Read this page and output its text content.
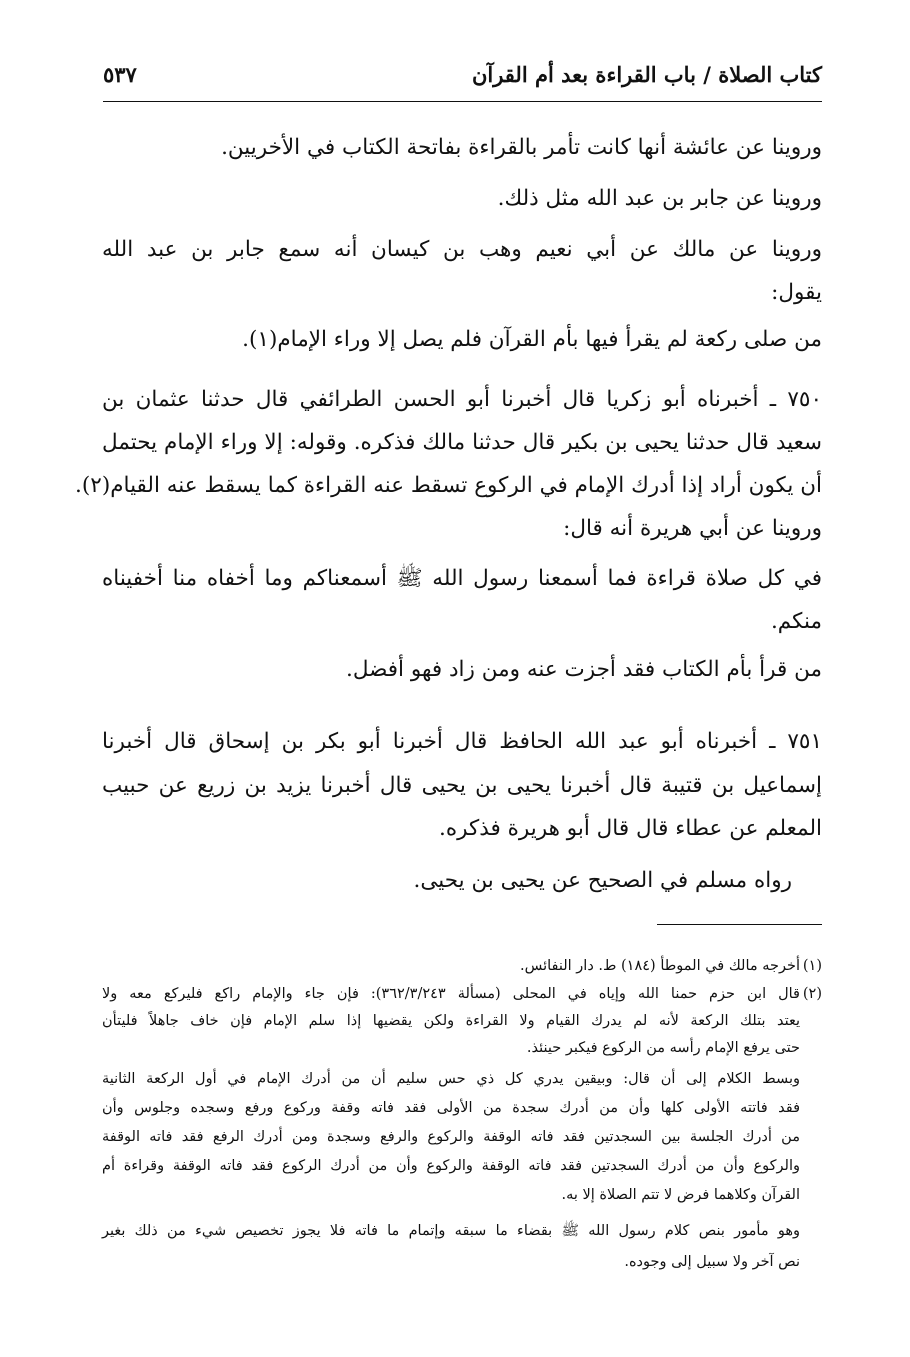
كتاب الصلاة / باب القراءة بعد أم القرآن
٥٣٧
وروينا عن عائشة أنها كانت تأمر بالقراءة بفاتحة الكتاب في الأخريين.
وروينا عن جابر بن عبد الله مثل ذلك.
وروينا عن مالك عن أبي نعيم وهب بن كيسان أنه سمع جابر بن عبد الله
يقول:
من صلى ركعة لم يقرأ فيها بأم القرآن فلم يصل إلا وراء الإمام(١).
٧٥٠ ـ أخبرناه أبو زكريا قال أخبرنا أبو الحسن الطرائفي قال حدثنا عثمان بن
سعيد قال حدثنا يحيى بن بكير قال حدثنا مالك فذكره. وقوله: إلا وراء الإمام يحتمل
أن يكون أراد إذا أدرك الإمام في الركوع تسقط عنه القراءة كما يسقط عنه القيام(٢).
وروينا عن أبي هريرة أنه قال:
في كل صلاة قراءة فما أسمعنا رسول الله ﷺ أسمعناكم وما أخفاه منا أخفيناه
منكم.
من قرأ بأم الكتاب فقد أجزت عنه ومن زاد فهو أفضل.
٧٥١ ـ أخبرناه أبو عبد الله الحافظ قال أخبرنا أبو بكر بن إسحاق قال أخبرنا
إسماعيل بن قتيبة قال أخبرنا يحيى بن يحيى قال أخبرنا يزيد بن زريع عن حبيب
المعلم عن عطاء قال قال أبو هريرة فذكره.
رواه مسلم في الصحيح عن يحيى بن يحيى.
(١)
أخرجه مالك في الموطأ (١٨٤) ط. دار النفائس.
(٢)
قال ابن حزم حمنا الله وإياه في المحلى (مسألة ٣٦٢/٣/٢٤٣): فإن جاء والإمام راكع فليركع معه ولا
يعتد بتلك الركعة لأنه لم يدرك القيام ولا القراءة ولكن يقضيها إذا سلم الإمام فإن خاف جاهلاً فليتأن
حتى يرفع الإمام رأسه من الركوع فيكبر حينئذ.
وبسط الكلام إلى أن قال: وبيقين يدري كل ذي حس سليم أن من أدرك الإمام في أول الركعة الثانية
فقد فاتته الأولى كلها وأن من أدرك سجدة من الأولى فقد فاته وقفة وركوع ورفع وسجده وجلوس وأن
من أدرك الجلسة بين السجدتين فقد فاته الوقفة والركوع والرفع وسجدة ومن أدرك الرفع فقد فاته الوقفة
والركوع وأن من أدرك السجدتين فقد فاته الوقفة والركوع وأن من أدرك الركوع فقد فاته الوقفة وقراءة أم
القرآن وكلاهما فرض لا تتم الصلاة إلا به.
وهو مأمور بنص كلام رسول الله ﷺ بقضاء ما سبقه وإتمام ما فاته فلا يجوز تخصيص شيء من ذلك بغير
نص آخر ولا سبيل إلى وجوده.
